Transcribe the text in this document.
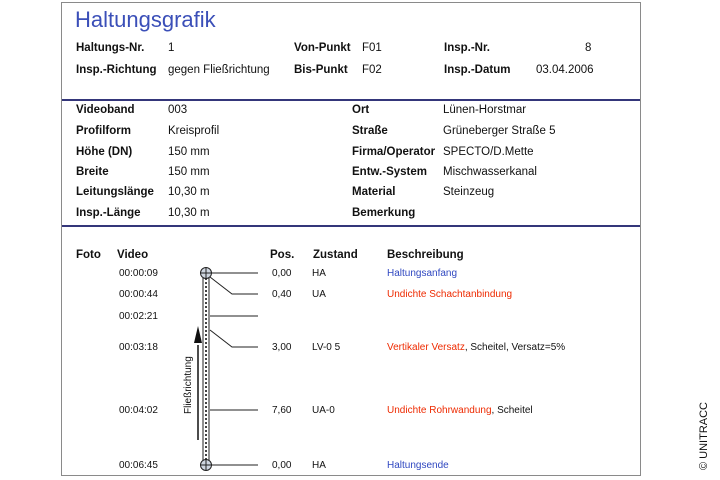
Haltungsgrafik
Haltungs-Nr. 1
Insp.-Richtung gegen Fließrichtung
Von-Punkt F01
Bis-Punkt F02
Insp.-Nr.	8
Insp.-Datum 03.04.2006
Videoband	003
Profilform	Kreisprofil
Höhe (DN)	150 mm
Breite	150 mm
Leitungslänge 10,30 m
Insp.-Länge 10,30 m
Ort	Lünen-Horstmar
Straße	Grüneberger Straße 5
Firma/Operator SPECTO/D.Mette
Entw.-System Mischwasserkanal
Material	Steinzeug
Bemerkung
Foto Video	Pos. Zustand	Beschreibung
00:00:09	0,00 HA	Haltungsanfang
00:00:44	0,40 UA	Undichte Schachtanbindung
00:02:21
00:03:18	3,00 LV-0 5	Vertikaler Versatz, Scheitel, Versatz=5%
00:04:02	7,60 UA-0	Undichte Rohrwandung, Scheitel
00:06:45	0,00 HA	Haltungsende
Fließrichtung
© UNITRACC
